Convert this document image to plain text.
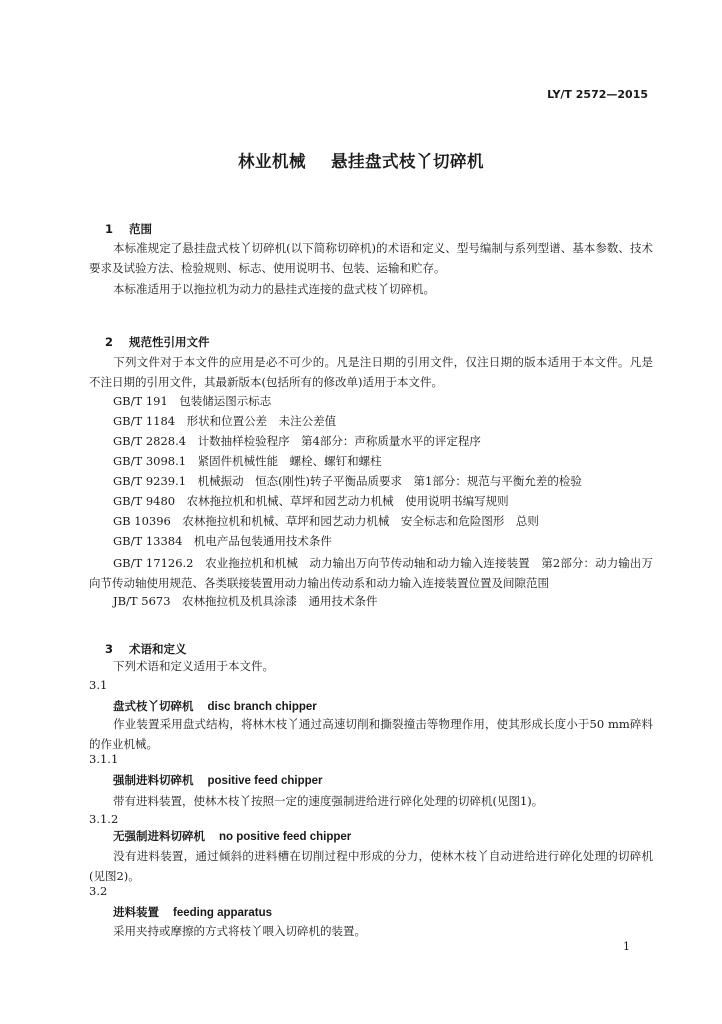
LY/T 2572—2015
林业机械    悬挂盘式枝丫切碎机

1 范围

本标准规定了悬挂盘式枝丫切碎机(以下简称切碎机)的术语和定义、型号编制与系列型谱、基本参数、技术要求及试验方法、检验规则、标志、使用说明书、包装、运输和贮存。
本标准适用于以拖拉机为动力的悬挂式连接的盘式枝丫切碎机。

2 规范性引用文件

下列文件对于本文件的应用是必不可少的。凡是注日期的引用文件，仅注日期的版本适用于本文件。凡是不注日期的引用文件，其最新版本(包括所有的修改单)适用于本文件。
GB/T 191　包装储运图示标志
GB/T 1184　形状和位置公差　未注公差值
GB/T 2828.4　计数抽样检验程序　第4部分：声称质量水平的评定程序
GB/T 3098.1　紧固件机械性能　螺栓、螺钉和螺柱
GB/T 9239.1　机械振动　恒态(刚性)转子平衡品质要求　第1部分：规范与平衡允差的检验
GB/T 9480　农林拖拉机和机械、草坪和园艺动力机械　使用说明书编写规则
GB 10396　农林拖拉机和机械、草坪和园艺动力机械　安全标志和危险图形　总则
GB/T 13384　机电产品包装通用技术条件
GB/T 17126.2　农业拖拉机和机械　动力输出万向节传动轴和动力输入连接装置　第2部分：动力输出万向节传动轴使用规范、各类联接装置用动力输出传动系和动力输入连接装置位置及间隙范围
JB/T 5673　农林拖拉机及机具涂漆　通用技术条件

3 术语和定义

下列术语和定义适用于本文件。
3.1
盘式枝丫切碎机 disc branch chipper
作业装置采用盘式结构，将林木枝丫通过高速切削和撕裂撞击等物理作用，使其形成长度小于50 mm碎料的作业机械。
3.1.1
强制进料切碎机 positive feed chipper
带有进料装置，使林木枝丫按照一定的速度强制进给进行碎化处理的切碎机(见图1)。
3.1.2
无强制进料切碎机 no positive feed chipper
没有进料装置，通过倾斜的进料槽在切削过程中形成的分力，使林木枝丫自动进给进行碎化处理的切碎机(见图2)。
3.2
进料装置 feeding apparatus
采用夹持或摩擦的方式将枝丫喂入切碎机的装置。
1
